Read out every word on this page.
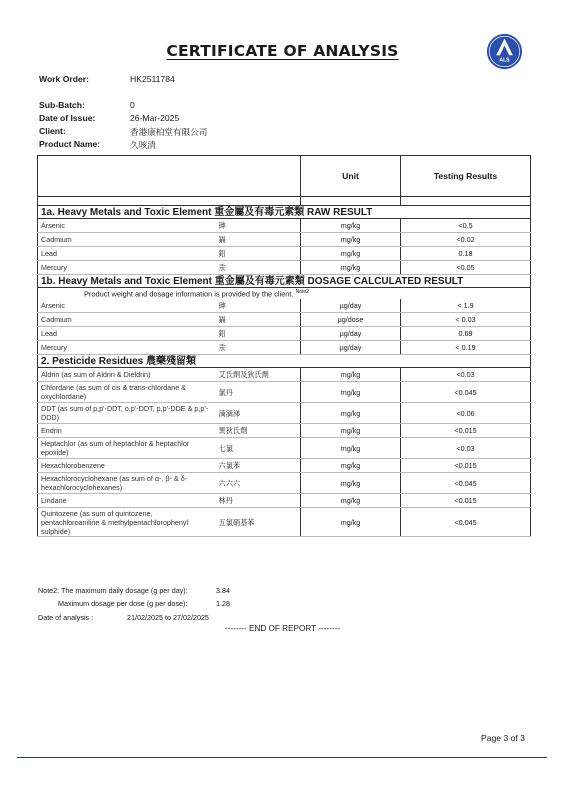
CERTIFICATE OF ANALYSIS
ALS
Work Order:	HK2511784
Sub-Batch:	0
Date of Issue:	26-Mar-2025
Client:	香港康柏堂有限公司
Product Name:	久咳清
		Unit	Testing Results

1a. Heavy Metals and Toxic Element 重金屬及有毒元素類 RAW RESULT			
Arsenic	砷	mg/kg	<0.5
Cadmium	鎘	mg/kg	<0.02
Lead	鉛	mg/kg	0.18
Mercury	汞	mg/kg	<0.05
1b. Heavy Metals and Toxic Element 重金屬及有毒元素類 DOSAGE CALCULATED RESULT			
Product weight and dosage information is provided by the client. $^{Note2}$
Arsenic	砷	µg/day	< 1.9
Cadmium	鎘	µg/dose	< 0.03
Lead	鉛	µg/day	0.69
Mercury	汞	µg/day	< 0.19
2. Pesticide Residues 農藥殘留類			
Aldrin (as sum of Aldrin & Dieldrin)	艾氏劑及狄氏劑	mg/kg	<0.03
Chlordane (as sum of cis & trans-chlordane & oxychlordane)	氯丹	mg/kg	<0.045
DDT (as sum of p,p'-DDT, o,p'-DDT, p,p'-DDE & p,p'-DDD)	滴滴涕	mg/kg	<0.06
Endrin	異狄氏劑	mg/kg	<0.015
Heptachlor (as sum of heptachlor & heptachlor epoxide)	七氯	mg/kg	<0.03
Hexachlorobenzene	六氯苯	mg/kg	<0.015
Hexachlorocyclohexane (as sum of α-, β- & δ-hexachlorocyclohexanes)	六六六	mg/kg	<0.045
Lindane	林丹	mg/kg	<0.015
Quintozene (as sum of quintozene, pentachloroaniline & methylpentachlorophenyl sulphide)	五氯硝基苯	mg/kg	<0.045
Note2: The maximum daily dosage (g per day):	3.84
Maximum dosage per dose (g per dose):	1.28
Date of analysis :	21/02/2025 to 27/02/2025
-------- END OF REPORT --------
Page 3 of 3
